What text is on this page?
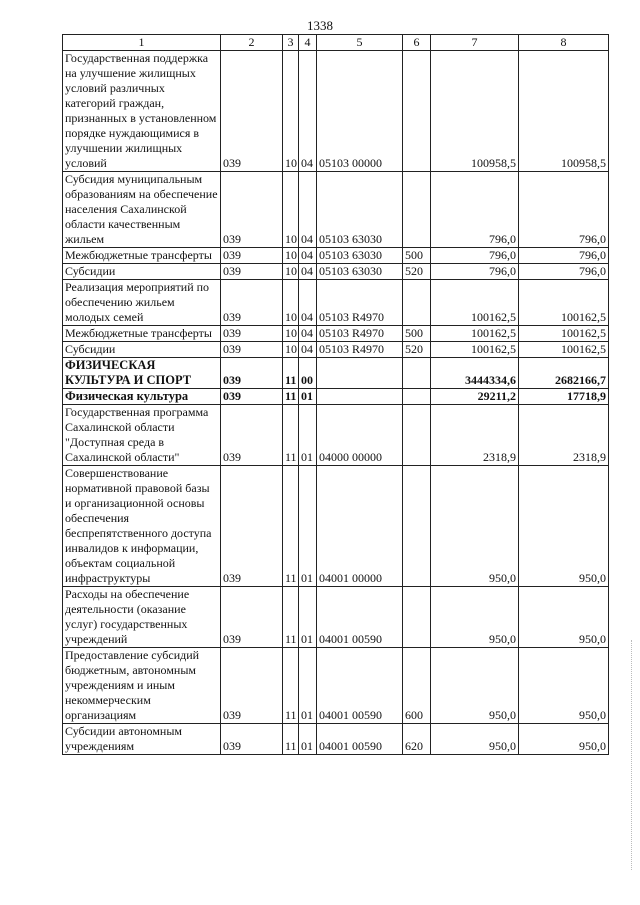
1338
1	2	3	4	5	6	7	8
Государственная поддержка на улучшение жилищных условий различных категорий граждан, признанных в установленном порядке нуждающимися в улучшении жилищных условий	039	10	04	05103 00000		100958,5	100958,5
Субсидия муниципальным образованиям на обеспечение населения Сахалинской области качественным жильем	039	10	04	05103 63030		796,0	796,0
Межбюджетные трансферты	039	10	04	05103 63030	500	796,0	796,0
Субсидии	039	10	04	05103 63030	520	796,0	796,0
Реализация мероприятий по обеспечению жильем молодых семей	039	10	04	05103 R4970		100162,5	100162,5
Межбюджетные трансферты	039	10	04	05103 R4970	500	100162,5	100162,5
Субсидии	039	10	04	05103 R4970	520	100162,5	100162,5
ФИЗИЧЕСКАЯ КУЛЬТУРА И СПОРТ	039	11	00			3444334,6	2682166,7
Физическая культура	039	11	01			29211,2	17718,9
Государственная программа Сахалинской области "Доступная среда в Сахалинской области"	039	11	01	04000 00000		2318,9	2318,9
Совершенствование нормативной правовой базы и организационной основы обеспечения беспрепятственного доступа инвалидов к информации, объектам социальной инфраструктуры	039	11	01	04001 00000		950,0	950,0
Расходы на обеспечение деятельности (оказание услуг) государственных учреждений	039	11	01	04001 00590		950,0	950,0
Предоставление субсидий бюджетным, автономным учреждениям и иным некоммерческим организациям	039	11	01	04001 00590	600	950,0	950,0
Субсидии автономным учреждениям	039	11	01	04001 00590	620	950,0	950,0
